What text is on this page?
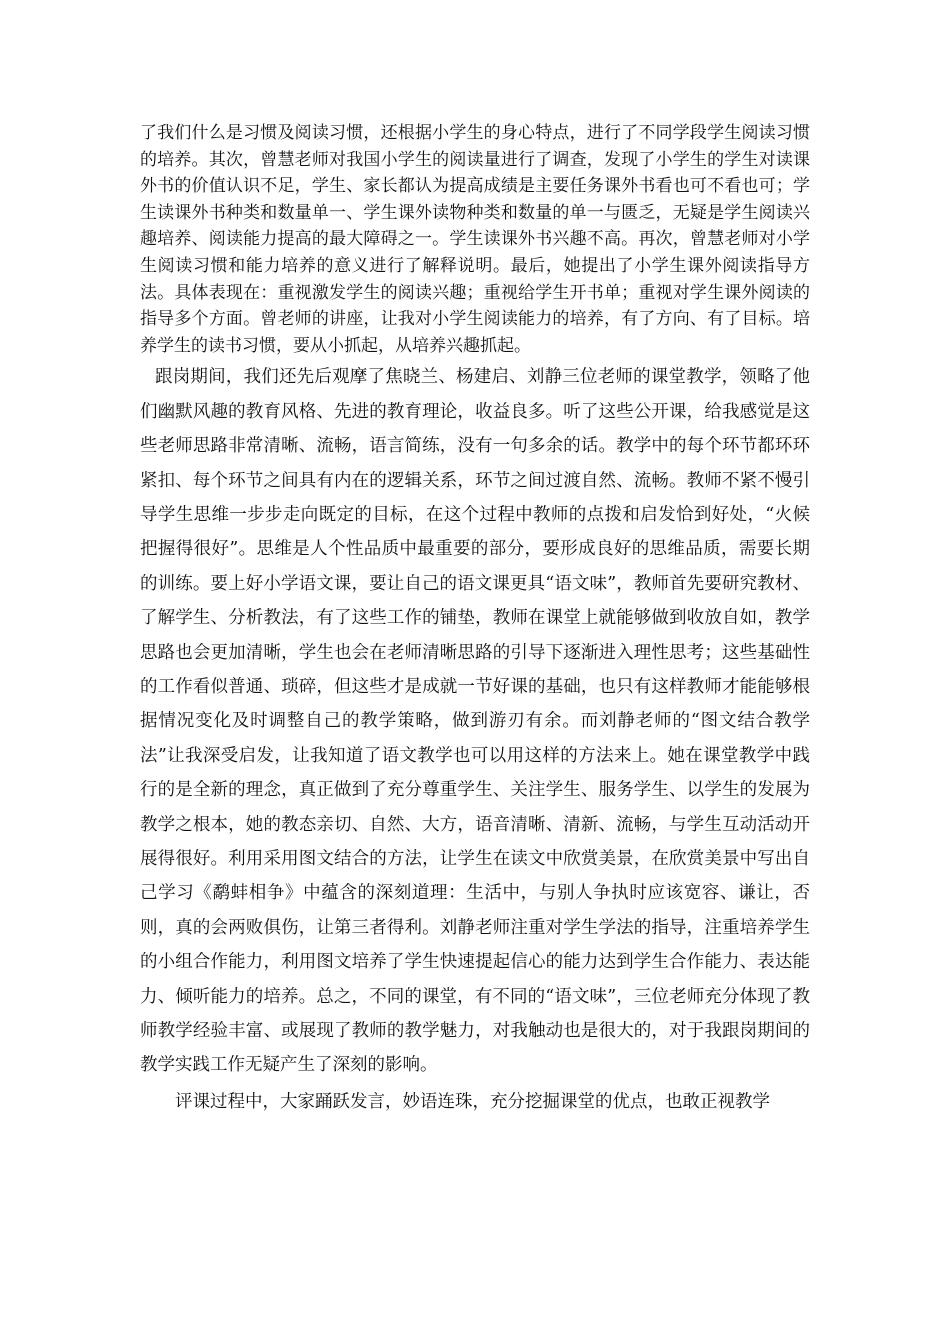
了我们什么是习惯及阅读习惯，还根据小学生的身心特点，进行了不同学段学生阅读习惯的培养。其次，曾慧老师对我国小学生的阅读量进行了调查，发现了小学生的学生对读课外书的价值认识不足，学生、家长都认为提高成绩是主要任务课外书看也可不看也可；学生读课外书种类和数量单一、学生课外读物种类和数量的单一与匮乏，无疑是学生阅读兴趣培养、阅读能力提高的最大障碍之一。学生读课外书兴趣不高。再次，曾慧老师对小学生阅读习惯和能力培养的意义进行了解释说明。最后，她提出了小学生课外阅读指导方法。具体表现在：重视激发学生的阅读兴趣；重视给学生开书单；重视对学生课外阅读的指导多个方面。曾老师的讲座，让我对小学生阅读能力的培养，有了方向、有了目标。培养学生的读书习惯，要从小抓起，从培养兴趣抓起。

跟岗期间，我们还先后观摩了焦晓兰、杨建启、刘静三位老师的课堂教学，领略了他们幽默风趣的教育风格、先进的教育理论，收益良多。听了这些公开课，给我感觉是这些老师思路非常清晰、流畅，语言简练，没有一句多余的话。教学中的每个环节都环环紧扣、每个环节之间具有内在的逻辑关系，环节之间过渡自然、流畅。教师不紧不慢引导学生思维一步步走向既定的目标，在这个过程中教师的点拨和启发恰到好处，“火候把握得很好”。思维是人个性品质中最重要的部分，要形成良好的思维品质，需要长期的训练。要上好小学语文课，要让自己的语文课更具“语文味”，教师首先要研究教材、了解学生、分析教法，有了这些工作的铺垫，教师在课堂上就能够做到收放自如，教学思路也会更加清晰，学生也会在老师清晰思路的引导下逐渐进入理性思考；这些基础性的工作看似普通、琐碎，但这些才是成就一节好课的基础，也只有这样教师才能能够根据情况变化及时调整自己的教学策略，做到游刃有余。而刘静老师的“图文结合教学法”让我深受启发，让我知道了语文教学也可以用这样的方法来上。她在课堂教学中践行的是全新的理念，真正做到了充分尊重学生、关注学生、服务学生、以学生的发展为教学之根本，她的教态亲切、自然、大方，语音清晰、清新、流畅，与学生互动活动开展得很好。利用采用图文结合的方法，让学生在读文中欣赏美景，在欣赏美景中写出自己学习《鹬蚌相争》中蕴含的深刻道理：生活中，与别人争执时应该宽容、谦让，否则，真的会两败俱伤，让第三者得利。刘静老师注重对学生学法的指导，注重培养学生的小组合作能力，利用图文培养了学生快速提起信心的能力达到学生合作能力、表达能力、倾听能力的培养。总之，不同的课堂，有不同的“语文味”，三位老师充分体现了教师教学经验丰富、或展现了教师的教学魅力，对我触动也是很大的，对于我跟岗期间的教学实践工作无疑产生了深刻的影响。

评课过程中，大家踊跃发言，妙语连珠，充分挖掘课堂的优点，也敢正视教学
